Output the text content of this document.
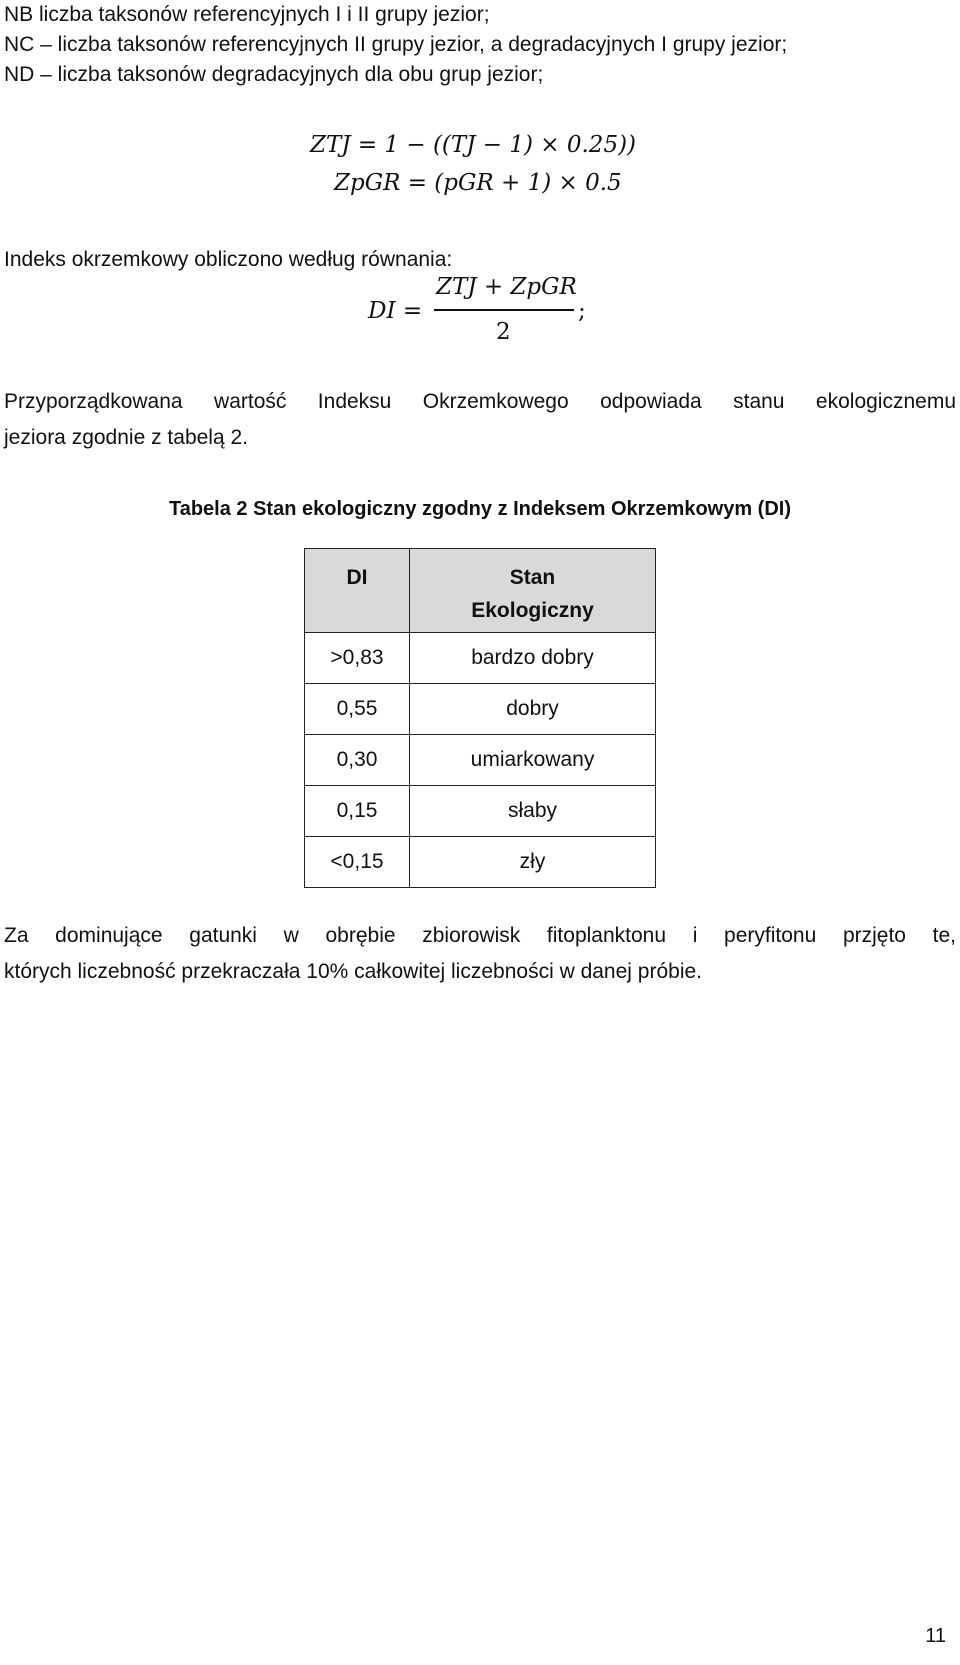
NB liczba taksonów referencyjnych I i II grupy jezior;
NC – liczba taksonów referencyjnych II grupy jezior, a degradacyjnych I grupy jezior;
ND – liczba taksonów degradacyjnych dla obu grup jezior;
ZTJ = 1 − ((TJ − 1) × 0.25))
ZpGR = (pGR + 1) × 0.5
Indeks okrzemkowy obliczono według równania:
DI =
ZTJ + ZpGR
2
;
Przyporządkowana wartość Indeksu Okrzemkowego odpowiada stanu ekologicznemu
jeziora zgodnie z tabelą 2.
Tabela 2 Stan ekologiczny zgodny z Indeksem Okrzemkowym (DI)
DI	Stan
Ekologiczny
>0,83	bardzo dobry
0,55	dobry
0,30	umiarkowany
0,15	słaby
<0,15	zły
Za dominujące gatunki w obrębie zbiorowisk fitoplanktonu i peryfitonu przjęto te,
których liczebność przekraczała 10% całkowitej liczebności w danej próbie.
11
